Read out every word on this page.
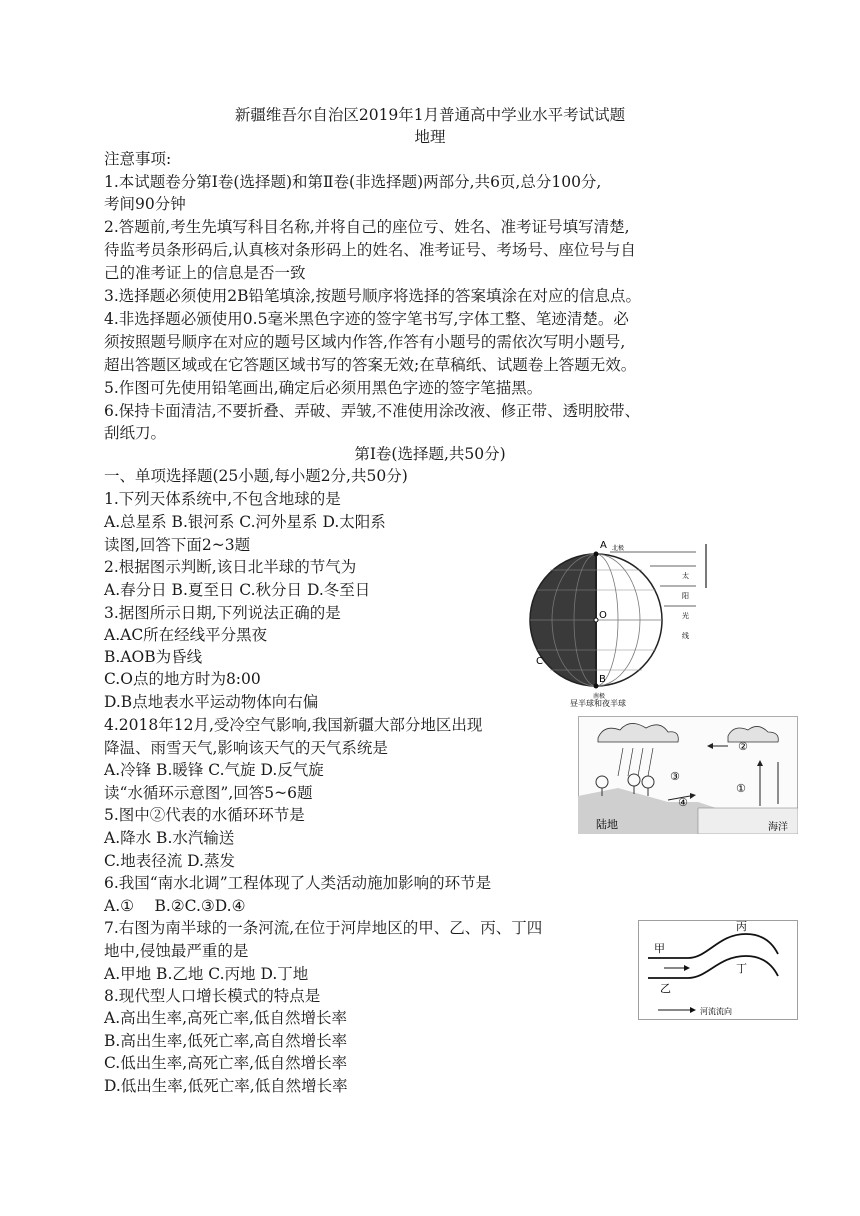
新疆维吾尔自治区2019年1月普通高中学业水平考试试题
地理
注意事项:
1.本试题卷分第Ⅰ卷(选择题)和第Ⅱ卷(非选择题)两部分,共6页,总分100分,
考间90分钟
2.答题前,考生先填写科目名称,并将自己的座位亏、姓名、准考证号填写清楚,
待监考员条形码后,认真核对条形码上的姓名、准考证号、考场号、座位号与自
己的准考证上的信息是否一致
3.选择题必须使用2B铅笔填涂,按题号顺序将选择的答案填涂在对应的信息点。
4.非选择题必颁使用0.5毫米黑色字迹的签字笔书写,字体工整、笔迹清楚。必
须按照题号顺序在对应的题号区域内作答,作答有小题号的需依次写明小题号,
超出答题区域或在它答题区域书写的答案无效;在草稿纸、试题卷上答题无效。
5.作图可先使用铅笔画出,确定后必须用黑色字迹的签字笔描黑。
6.保持卡面清洁,不要折叠、弄破、弄皱,不准使用涂改液、修正带、透明胶带、
刮纸刀。
第Ⅰ卷(选择题,共50分)
一、单项选择题(25小题,每小题2分,共50分)
1.下列天体系统中,不包含地球的是
A.总星系 B.银河系 C.河外星系 D.太阳系
读图,回答下面2~3题
2.根据图示判断,该日北半球的节气为
A.春分日 B.夏至日 C.秋分日 D.冬至日
3.据图所示日期,下列说法正确的是
A.AC所在经线平分黑夜
B.AOB为昏线
C.O点的地方时为8:00
D.B点地表水平运动物体向右偏
4.2018年12月,受冷空气影响,我国新疆大部分地区出现
降温、雨雪天气,影响该天气的天气系统是
A.冷锋 B.暖锋 C.气旋 D.反气旋
读“水循环示意图”,回答5~6题
5.图中②代表的水循环环节是
A.降水 B.水汽输送
C.地表径流 D.蒸发
6.我国“南水北调”工程体现了人类活动施加影响的环节是
A.①　 B.②C.③D.④
7.右图为南半球的一条河流,在位于河岸地区的甲、乙、丙、丁四
地中,侵蚀最严重的是
A.甲地 B.乙地 C.丙地 D.丁地
8.现代型人口增长模式的特点是
A.高出生率,高死亡率,低自然增长率
B.高出生率,低死亡率,高自然增长率
C.低出生率,高死亡率,低自然增长率
D.低出生率,低死亡率,低自然增长率
A 北极
B
南极
C
O
太
阳
光
线
昼半球和夜半球
②
③
④
①
陆地	海洋
甲
乙
丙
丁
河流流向
